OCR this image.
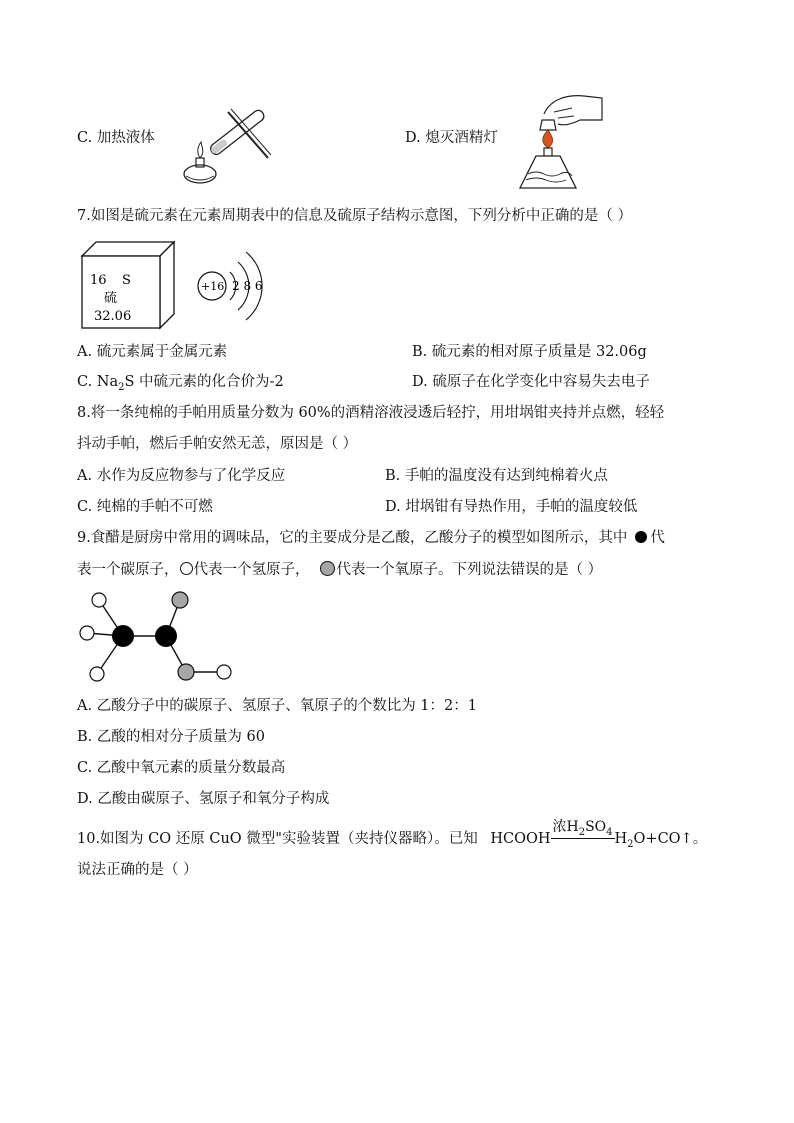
C. 加热液体	D. 熄灭酒精灯
7.如图是硫元素在元素周期表中的信息及硫原子结构示意图，下列分析中正确的是（ ）
16 S
硫
32.06
+16 2 8 6
A. 硫元素属于金属元素	B. 硫元素的相对原子质量是 32.06g
C. $Na_2S$ 中硫元素的化合价为-2	D. 硫原子在化学变化中容易失去电子
8.将一条纯棉的手帕用质量分数为 60%的酒精溶液浸透后轻拧，用坩埚钳夹持并点燃，轻轻
抖动手帕，燃后手帕安然无恙，原因是（ ）
A. 水作为反应物参与了化学反应	B. 手帕的温度没有达到纯棉着火点
C. 纯棉的手帕不可燃	D. 坩埚钳有导热作用，手帕的温度较低
9.食醋是厨房中常用的调味品，它的主要成分是乙酸，乙酸分子的模型如图所示，其中 代
表一个碳原子， 代表一个氢原子， 代表一个氧原子。下列说法错误的是（ ）
A. 乙酸分子中的碳原子、氢原子、氧原子的个数比为 1：2：1
B. 乙酸的相对分子质量为 60
C. 乙酸中氧元素的质量分数最高
D. 乙酸由碳原子、氢原子和氧分子构成
10.如图为 CO 还原 CuO 微型"实验装置（夹持仪器略）。已知 HCOOH
浓$H_2SO_4$ $H_2O+CO↑$。
说法正确的是（ ）
